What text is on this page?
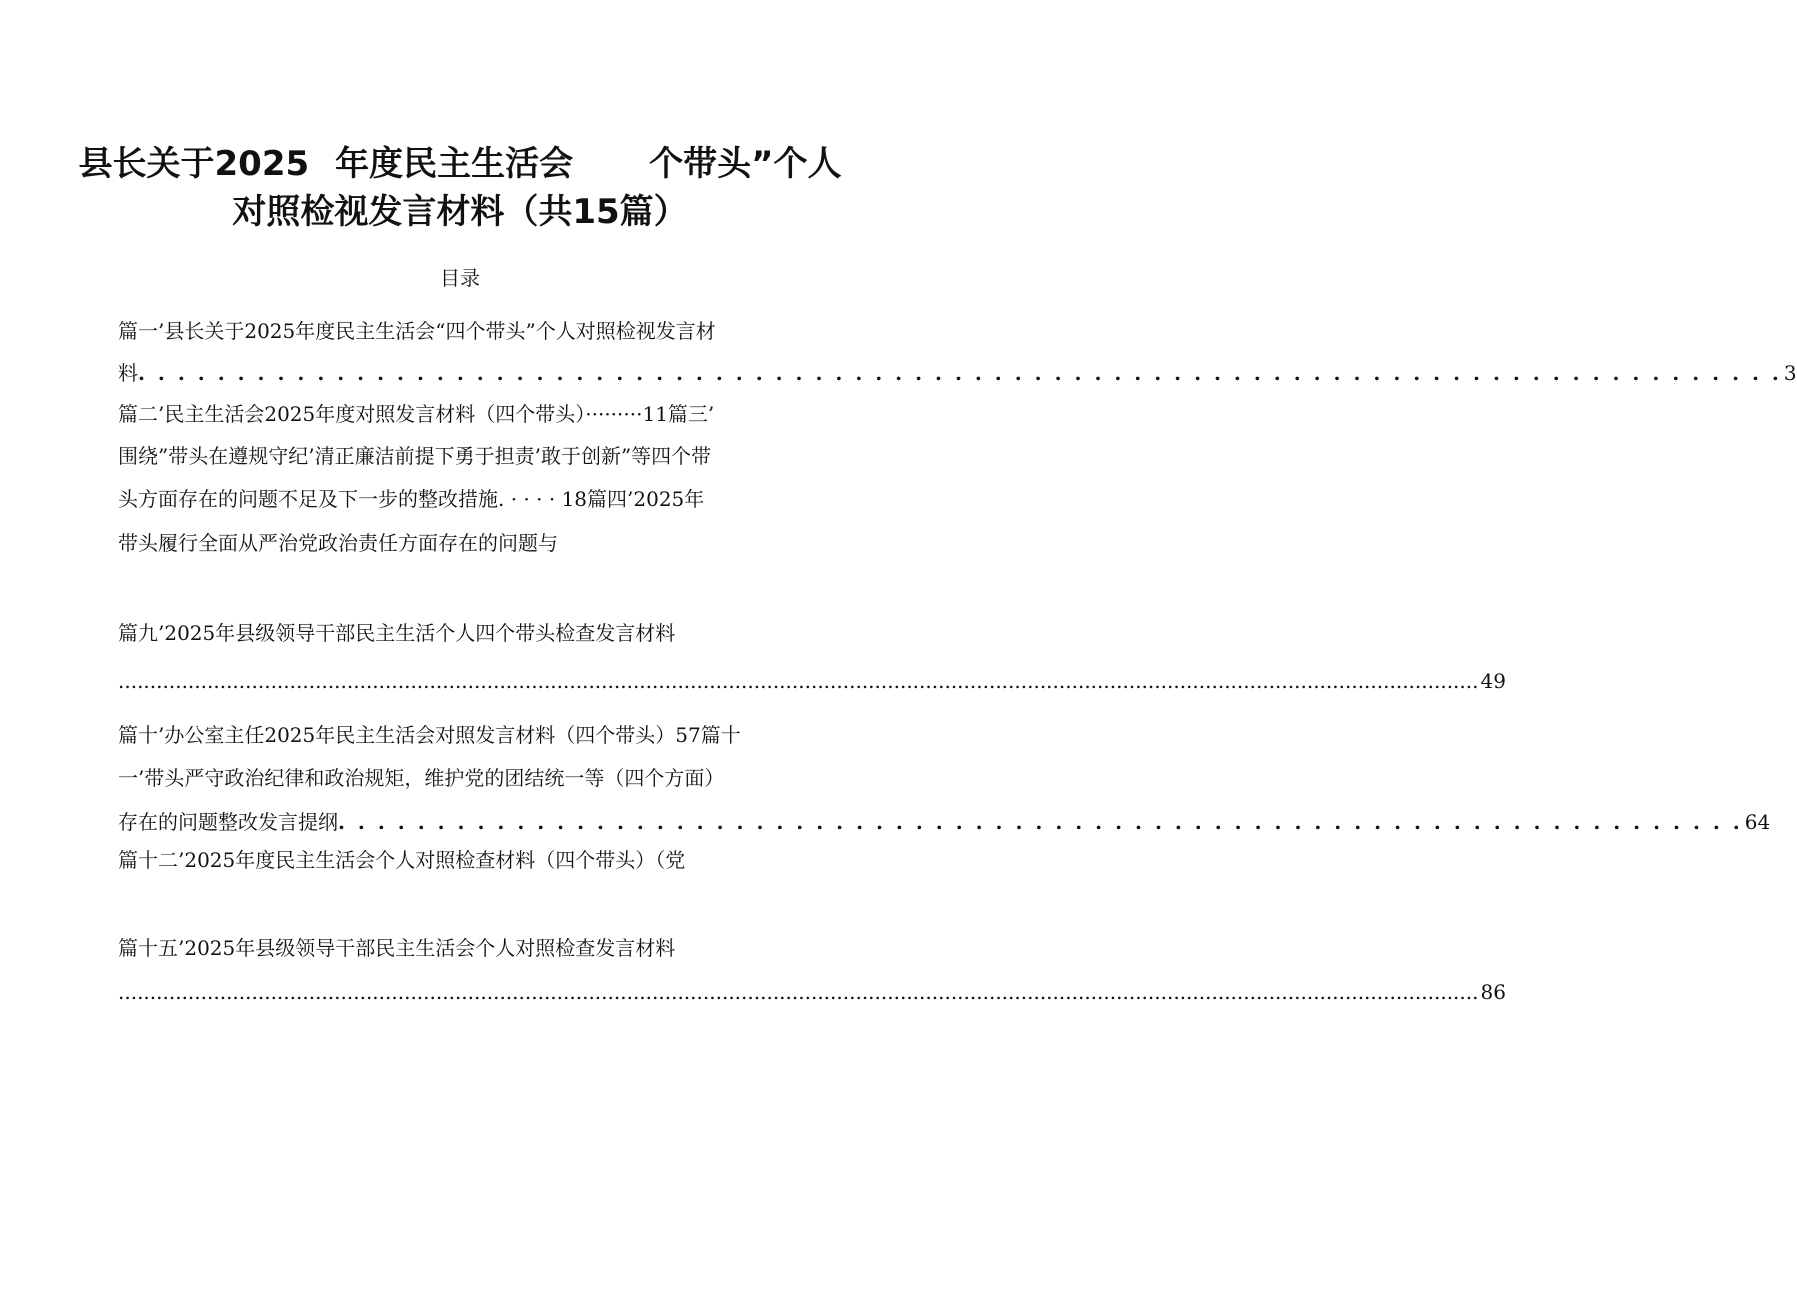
县长关于2025 年度民主生活会 个带头”个人
对照检视发言材料（共15篇）
目录
篇一’县长关于2025年度民主生活会“四个带头”个人对照检视发言材
料 . . . . . . . . . . . . . . . . . . . . . . . . . . . . . . . . . . . . . . . . . . . . . . . . . . . . . . . . . . . . . . . . . . . . . . . . . . . . . . . . . . . 3
篇二’民主生活会2025年度对照发言材料（四个带头）·········11篇三’
围绕”带头在遵规守纪’清正廉洁前提下勇于担责’敢于创新”等四个带
头方面存在的问题不足及下一步的整改措施. · · · · 18篇四’2025年
带头履行全面从严治党政治责任方面存在的问题与
篇九’2025年县级领导干部民主生活个人四个带头检查发言材料
...................................................................................................................................................................................................................... 49
篇十’办公室主任2025年民主生活会对照发言材料（四个带头）57篇十
一’带头严守政治纪律和政治规矩，维护党的团结统一等（四个方面）
存在的问题整改发言提纲 . . . . . . . . . . . . . . . . . . . . . . . . . . . . . . . . . . . . . . . . . . . . . . . . . . . . . . . . . . . . . . . . . . . . . . . 64
篇十二’2025年度民主生活会个人对照检查材料（四个带头）（党
篇十五’2025年县级领导干部民主生活会个人对照检查发言材料
...................................................................................................................................................................................................................... 86
